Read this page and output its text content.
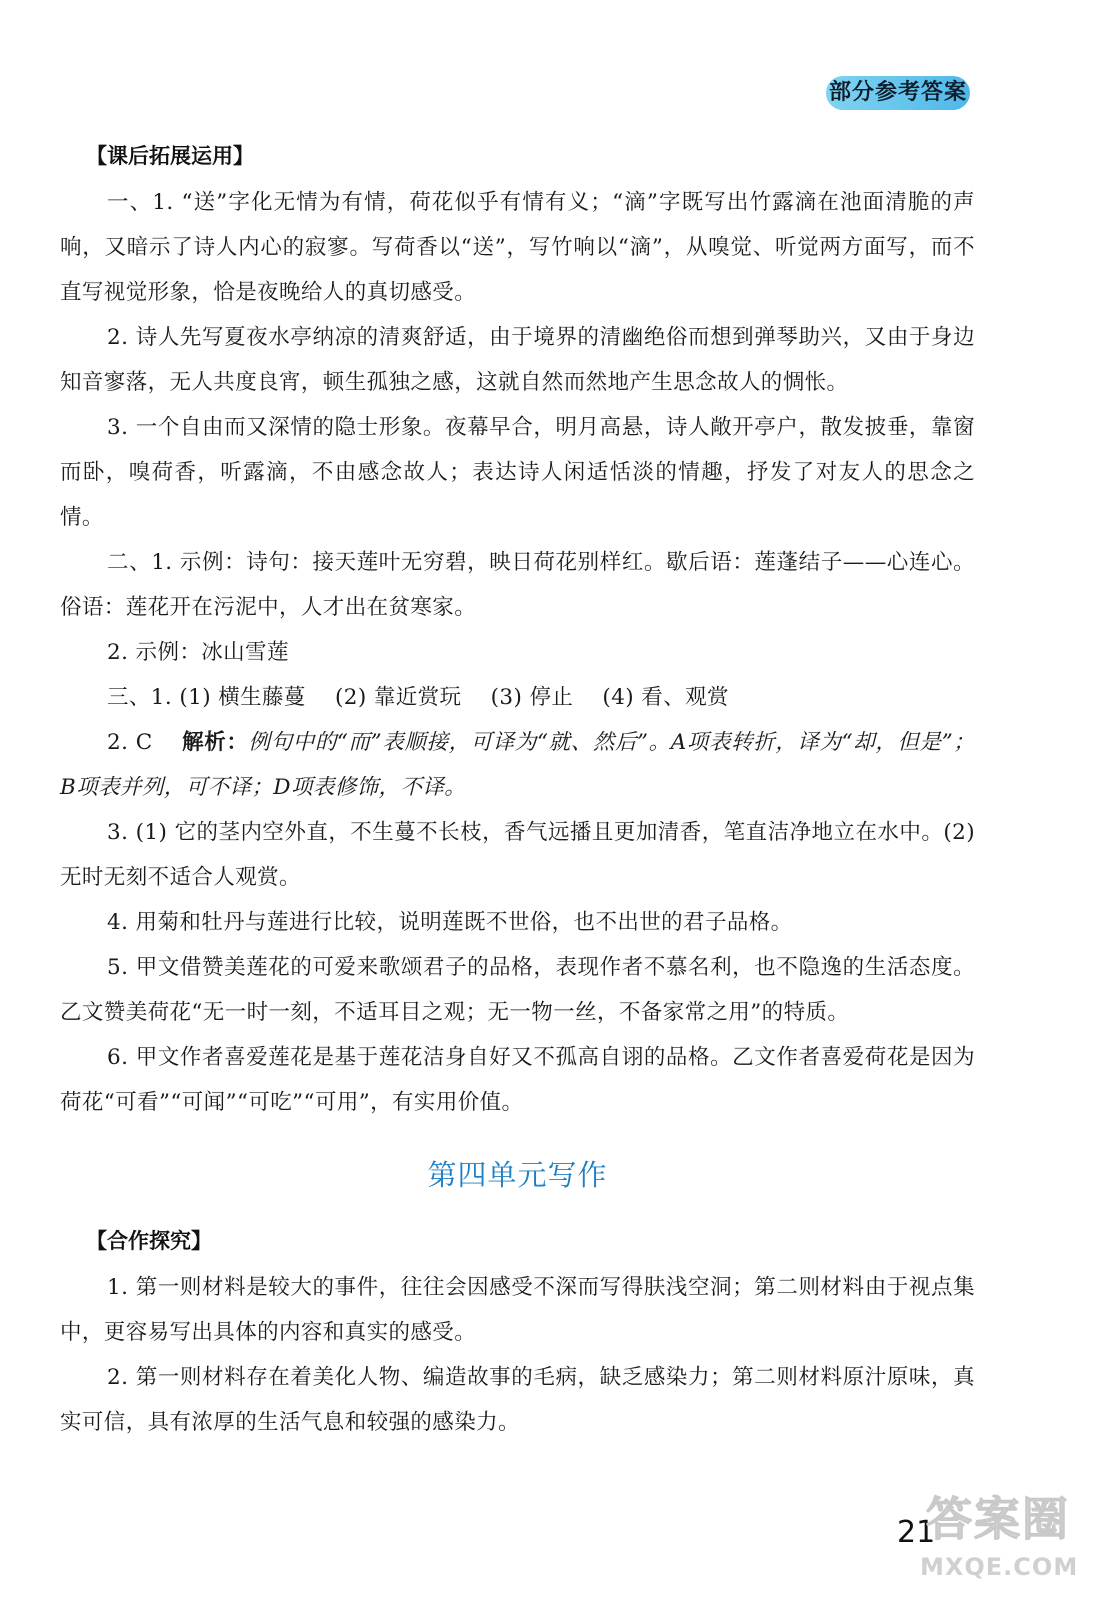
部分参考答案
【课后拓展运用】

一、1. “送”字化无情为有情，荷花似乎有情有义；“滴”字既写出竹露滴在池面清脆的声响，又暗示了诗人内心的寂寥。写荷香以“送”，写竹响以“滴”，从嗅觉、听觉两方面写，而不直写视觉形象，恰是夜晚给人的真切感受。

2. 诗人先写夏夜水亭纳凉的清爽舒适，由于境界的清幽绝俗而想到弹琴助兴，又由于身边知音寥落，无人共度良宵，顿生孤独之感，这就自然而然地产生思念故人的惆怅。

3. 一个自由而又深情的隐士形象。夜幕早合，明月高悬，诗人敞开亭户，散发披垂，靠窗而卧，嗅荷香，听露滴，不由感念故人；表达诗人闲适恬淡的情趣，抒发了对友人的思念之情。

二、1. 示例：诗句：接天莲叶无穷碧，映日荷花别样红。歇后语：莲蓬结子——心连心。俗语：莲花开在污泥中，人才出在贫寒家。

2. 示例：冰山雪莲

三、1. (1) 横生藤蔓 　(2) 靠近赏玩 　(3) 停止 　(4) 看、观赏

2. C 　解析：例句中的“而”表顺接，可译为“就、然后”。A项表转折，译为“却，但是”；B项表并列，可不译；D项表修饰，不译。

3. (1) 它的茎内空外直，不生蔓不长枝，香气远播且更加清香，笔直洁净地立在水中。(2) 无时无刻不适合人观赏。

4. 用菊和牡丹与莲进行比较，说明莲既不世俗，也不出世的君子品格。

5. 甲文借赞美莲花的可爱来歌颂君子的品格，表现作者不慕名利，也不隐逸的生活态度。乙文赞美荷花“无一时一刻，不适耳目之观；无一物一丝，不备家常之用”的特质。

6. 甲文作者喜爱莲花是基于莲花洁身自好又不孤高自诩的品格。乙文作者喜爱荷花是因为荷花“可看”“可闻”“可吃”“可用”，有实用价值。

第四单元写作
【合作探究】

1. 第一则材料是较大的事件，往往会因感受不深而写得肤浅空洞；第二则材料由于视点集中，更容易写出具体的内容和真实的感受。

2. 第一则材料存在着美化人物、编造故事的毛病，缺乏感染力；第二则材料原汁原味，真实可信，具有浓厚的生活气息和较强的感染力。

21
答案圈
MXQE.COM
